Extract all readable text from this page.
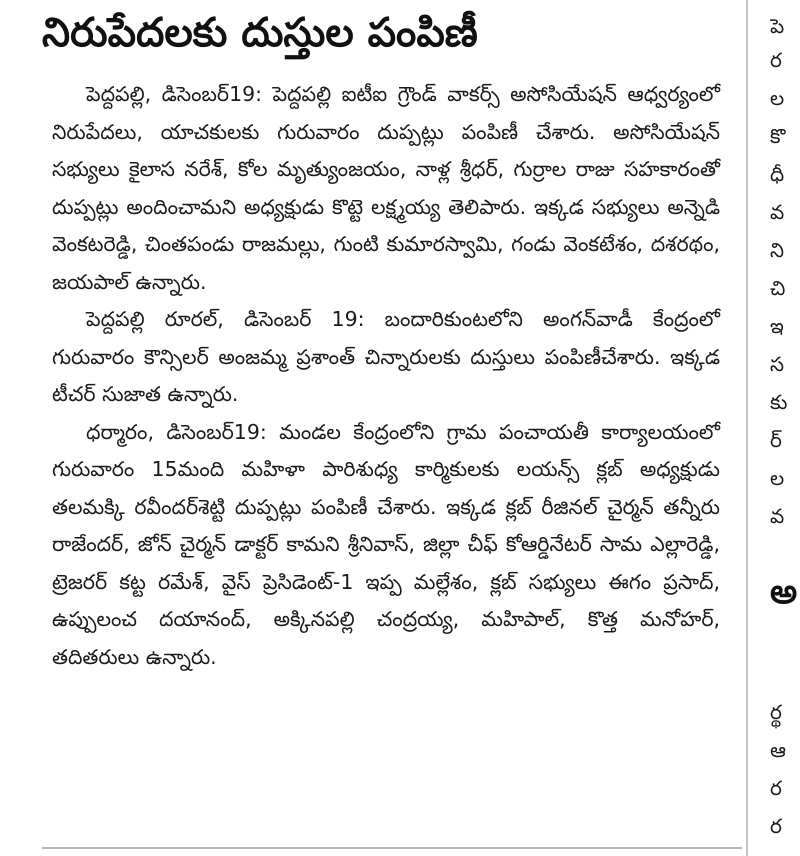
నిరుపేదలకు దుస్తుల పంపిణీ

పెద్దపల్లి, డిసెంబర్19: పెద్దపల్లి ఐటీఐ గ్రౌండ్ వాకర్స్ అసోసియేషన్ ఆధ్వర్యంలో నిరుపేదలు, యాచకులకు గురువారం దుప్పట్లు పంపిణీ చేశారు. అసోసియేషన్ సభ్యులు కైలాస నరేశ్, కోల మృత్యుంజయం, నాళ్ల శ్రీధర్, గుర్రాల రాజు సహకారంతో దుప్పట్లు అందించామని అధ్యక్షుడు కొట్టె లక్ష్మయ్య తెలిపారు. ఇక్కడ సభ్యులు అన్నెడి వెంకటరెడ్డి, చింతపండు రాజమల్లు, గుంటి కుమారస్వామి, గండు వెంకటేశం, దశరథం, జయపాల్ ఉన్నారు.

పెద్దపల్లి రూరల్, డిసెంబర్ 19: బందారికుంటలోని అంగన్‌వాడీ కేంద్రంలో గురువారం కౌన్సిలర్ అంజమ్మ ప్రశాంత్ చిన్నారులకు దుస్తులు పంపిణీచేశారు. ఇక్కడ టీచర్ సుజాత ఉన్నారు.

ధర్మారం, డిసెంబర్19: మండల కేంద్రంలోని గ్రామ పంచాయతీ కార్యాలయంలో గురువారం 15మంది మహిళా పారిశుధ్య కార్మికులకు లయన్స్ క్లబ్ అధ్యక్షుడు తలమక్కి రవీందర్‌శెట్టి దుప్పట్లు పంపిణీ చేశారు. ఇక్కడ క్లబ్ రీజినల్ చైర్మన్ తన్నీరు రాజేందర్, జోన్ చైర్మన్ డాక్టర్ కామని శ్రీనివాస్, జిల్లా చీఫ్ కోఆర్డినేటర్ సామ ఎల్లారెడ్డి, ట్రెజరర్ కట్ట రమేశ్, వైస్ ప్రెసిడెంట్-1 ఇప్ప మల్లేశం, క్లబ్ సభ్యులు ఈగం ప్రసాద్, ఉప్పులంచ దయానంద్, అక్కినపల్లి చంద్రయ్య, మహిపాల్, కొత్త మనోహర్, తదితరులు ఉన్నారు.

పె
ర
ల
కొ
ధీ
వ
ని
చి
ఇ
స
కు
ర్
ల
వ
అ
ర్థ
ఆ
ర
ర
